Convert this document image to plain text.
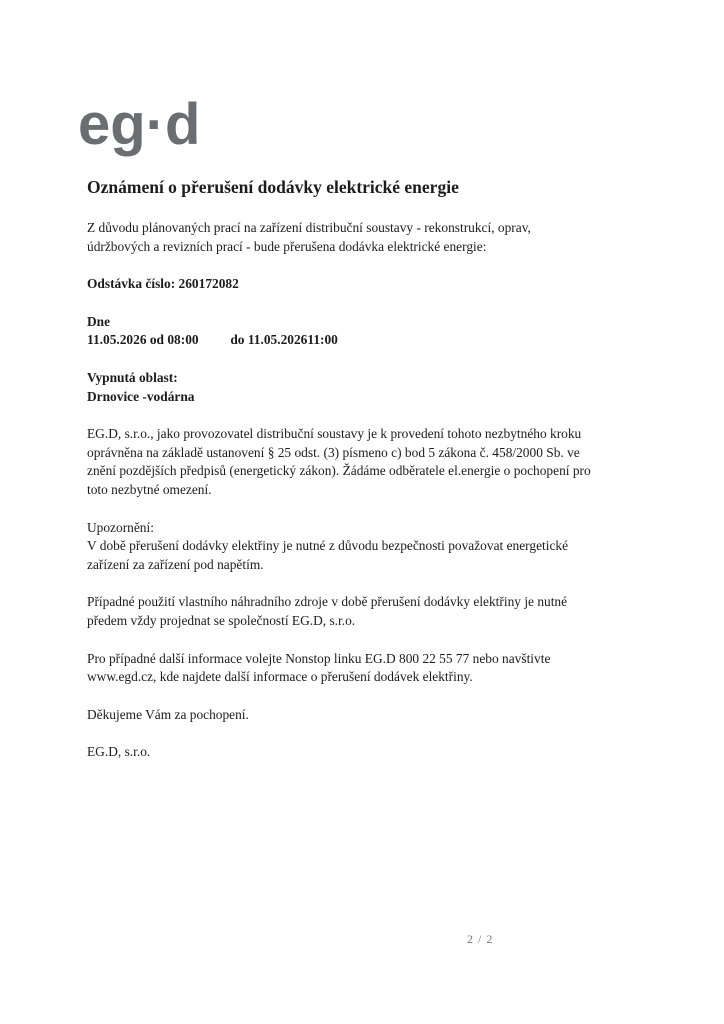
eg·d
Oznámení o přerušení dodávky elektrické energie

Z důvodu plánovaných prací na zařízení distribuční soustavy - rekonstrukcí, oprav,

údržbových a revizních prací - bude přerušena dodávka elektrické energie:

Odstávka číslo: 260172082

Dne

11.05.2026 od 08:00 do 11.05.202611:00

Vypnutá oblast:

Drnovice -vodárna

EG.D, s.r.o., jako provozovatel distribuční soustavy je k provedení tohoto nezbytného kroku

oprávněna na základě ustanovení § 25 odst. (3) písmeno c) bod 5 zákona č. 458/2000 Sb. ve

znění pozdějších předpisů (energetický zákon). Žádáme odběratele el.energie o pochopení pro

toto nezbytné omezení.

Upozornění:

V době přerušení dodávky elektřiny je nutné z důvodu bezpečnosti považovat energetické

zařízení za zařízení pod napětím.

Případné použití vlastního náhradního zdroje v době přerušení dodávky elektřiny je nutné

předem vždy projednat se společností EG.D, s.r.o.

Pro případné další informace volejte Nonstop linku EG.D 800 22 55 77 nebo navštivte

www.egd.cz, kde najdete další informace o přerušení dodávek elektřiny.

Děkujeme Vám za pochopení.

EG.D, s.r.o.

2 / 2
